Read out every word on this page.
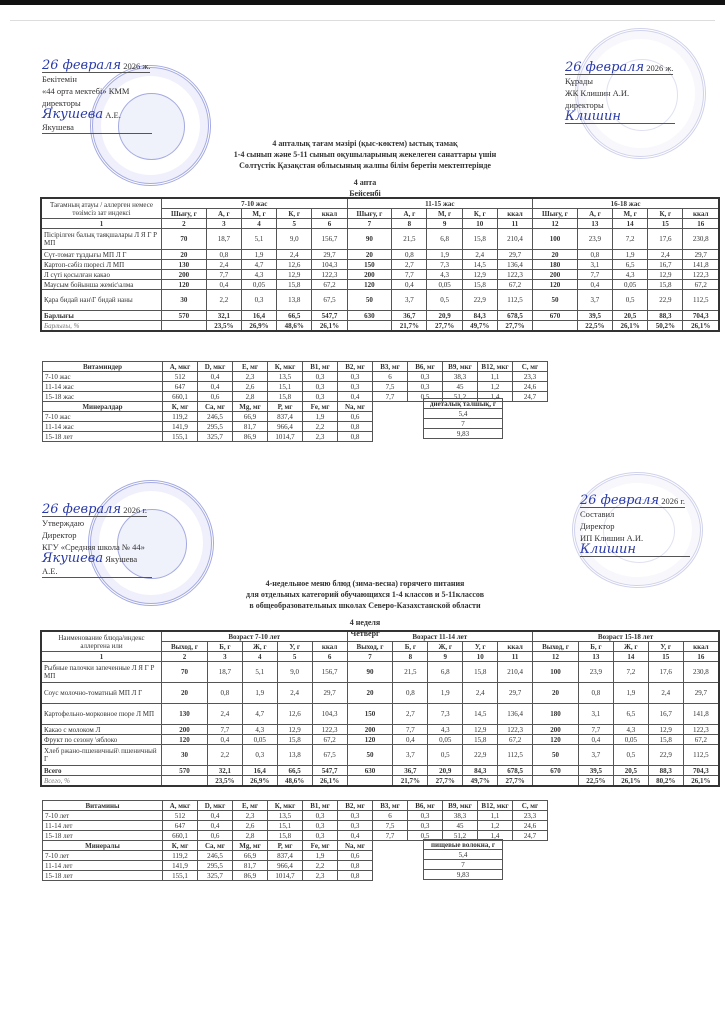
26 февраля 2026 ж.
Бекітемін
«44 орта мектебі» КММ
директоры

Якушева А.Е. Якушева
26 февраля 2026 ж.
Құрады
ЖК Клишин А.И.
директоры

Клишин
4 апталық тағам мәзірі (қыс-көктем) ыстық тамақ
1-4 сынып және 5-11 сынып оқушыларының жекелеген санаттары үшін
Солтүстік Қазақстан облысының жалпы білім беретін мектептерінде
4 апта
Бейсенбі
Тағамның атауы / аллерген немесе төзімсіз зат индексі	7-10 жас					11-15 жас					16-18 жас				
	Шығу, г	А, г	М, г	К, г	ккал	Шығу, г	А, г	М, г	К, г	ккал	Шығу, г	А, г	М, г	К, г	ккал
1	2	3	4	5	6	7	8	9	10	11	12	13	14	15	16
Пісірілген балық таяқшалары Л Я Г Р МП	70	18,7	5,1	9,0	156,7	90	21,5	6,8	15,8	210,4	100	23,9	7,2	17,6	230,8
Сүт-томат тұздығы МП Л Г	20	0,8	1,9	2,4	29,7	20	0,8	1,9	2,4	29,7	20	0,8	1,9	2,4	29,7
Картоп-сәбіз пюресі Л МП	130	2,4	4,7	12,6	104,3	150	2,7	7,3	14,5	136,4	180	3,1	6,5	16,7	141,8
Л сүті қосылған какао	200	7,7	4,3	12,9	122,3	200	7,7	4,3	12,9	122,3	200	7,7	4,3	12,9	122,3
Маусым бойынша жеміс\алма	120	0,4	0,05	15,8	67,2	120	0,4	0,05	15,8	67,2	120	0,4	0,05	15,8	67,2
Қара бидай нан\Г бидай наны	30	2,2	0,3	13,8	67,5	50	3,7	0,5	22,9	112,5	50	3,7	0,5	22,9	112,5
Барлығы	570	32,1	16,4	66,5	547,7	630	36,7	20,9	84,3	678,5	670	39,5	20,5	88,3	704,3
Барлығы, %		23,5%	26,9%	48,6%	26,1%		21,7%	27,7%	49,7%	27,7%		22,5%	26,1%	50,2%	26,1%
Витаминдер	А, мкг	D, мкг	Е, мг	К, мкг	B1, мг	B2, мг	B3, мг	B6, мг	B9, мкг	B12, мкг	С, мг
7-10 жас	512	0,4	2,3	13,5	0,3	0,3	6	0,3	38,3	1,1	23,3
11-14 жас	647	0,4	2,6	15,1	0,3	0,3	7,5	0,3	45	1,2	24,6
15-18 жас	660,1	0,6	2,8	15,8	0,3	0,4	7,7	0,5	51,2	1,4	24,7
Минералдар	К, мг	Са, мг	Mg, мг	Р, мг	Fe, мг	Na, мг					
7-10 жас	119,2	246,5	66,9	837,4	1,9	0,6					
11-14 жас	141,9	295,5	81,7	966,4	2,2	0,8					
15-18 лет	155,1	325,7	86,9	1014,7	2,3	0,8					
диеталық талшық, г
5,4
7
9,83
26 февраля 2026 г.
Утверждаю
Директор
КГУ «Средняя школа № 44»

Якушева Якушева А.Е.
26 февраля 2026 г.
Составил
Директор
ИП Клишин А.И.

Клишин
4-недельное меню блюд (зима-весна) горячего питания
для отдельных категорий обучающихся 1-4 классов и 5-11классов
в общеобразовательных школах Северо-Казахстанской области
4 неделя
Четверг
Наименование блюда/индекс аллергена или	Возраст 7-10 лет					Возраст 11-14 лет					Возраст 15-18 лет				
	Выход, г	Б, г	Ж, г	У, г	ккал	Выход, г	Б, г	Ж, г	У, г	ккал	Выход, г	Б, г	Ж, г	У, г	ккал
1	2	3	4	5	6	7	8	9	10	11	12	13	14	15	16
Рыбные палочки запеченные Л Я Г Р МП	70	18,7	5,1	9,0	156,7	90	21,5	6,8	15,8	210,4	100	23,9	7,2	17,6	230,8
Соус молочно-томатный МП Л Г	20	0,8	1,9	2,4	29,7	20	0,8	1,9	2,4	29,7	20	0,8	1,9	2,4	29,7
Картофельно-морковное пюре Л МП	130	2,4	4,7	12,6	104,3	150	2,7	7,3	14,5	136,4	180	3,1	6,5	16,7	141,8
Какао с молоком Л	200	7,7	4,3	12,9	122,3	200	7,7	4,3	12,9	122,3	200	7,7	4,3	12,9	122,3
Фрукт по сезону \яблоко	120	0,4	0,05	15,8	67,2	120	0,4	0,05	15,8	67,2	120	0,4	0,05	15,8	67,2
Хлеб ржано-пшеничный\ пшеничный Г	30	2,2	0,3	13,8	67,5	50	3,7	0,5	22,9	112,5	50	3,7	0,5	22,9	112,5
Всего	570	32,1	16,4	66,5	547,7	630	36,7	20,9	84,3	678,5	670	39,5	20,5	88,3	704,3
Всего, %		23,5%	26,9%	48,6%	26,1%		21,7%	27,7%	49,7%	27,7%		22,5%	26,1%	80,2%	26,1%
Витамины	А, мкг	D, мкг	Е, мг	К, мкг	B1, мг	B2, мг	B3, мг	B6, мг	B9, мкг	B12, мкг	С, мг
7-10 лет	512	0,4	2,3	13,5	0,3	0,3	6	0,3	38,3	1,1	23,3
11-14 лет	647	0,4	2,6	15,1	0,3	0,3	7,5	0,3	45	1,2	24,6
15-18 лет	660,1	0,6	2,8	15,8	0,3	0,4	7,7	0,5	51,2	1,4	24,7
Минералы	К, мг	Са, мг	Mg, мг	Р, мг	Fe, мг	Na, мг					
7-10 лет	119,2	246,5	66,9	837,4	1,9	0,6					
11-14 лет	141,9	295,5	81,7	966,4	2,2	0,8					
15-18 лет	155,1	325,7	86,9	1014,7	2,3	0,8					
пищевые волокна, г
5,4
7
9,83
